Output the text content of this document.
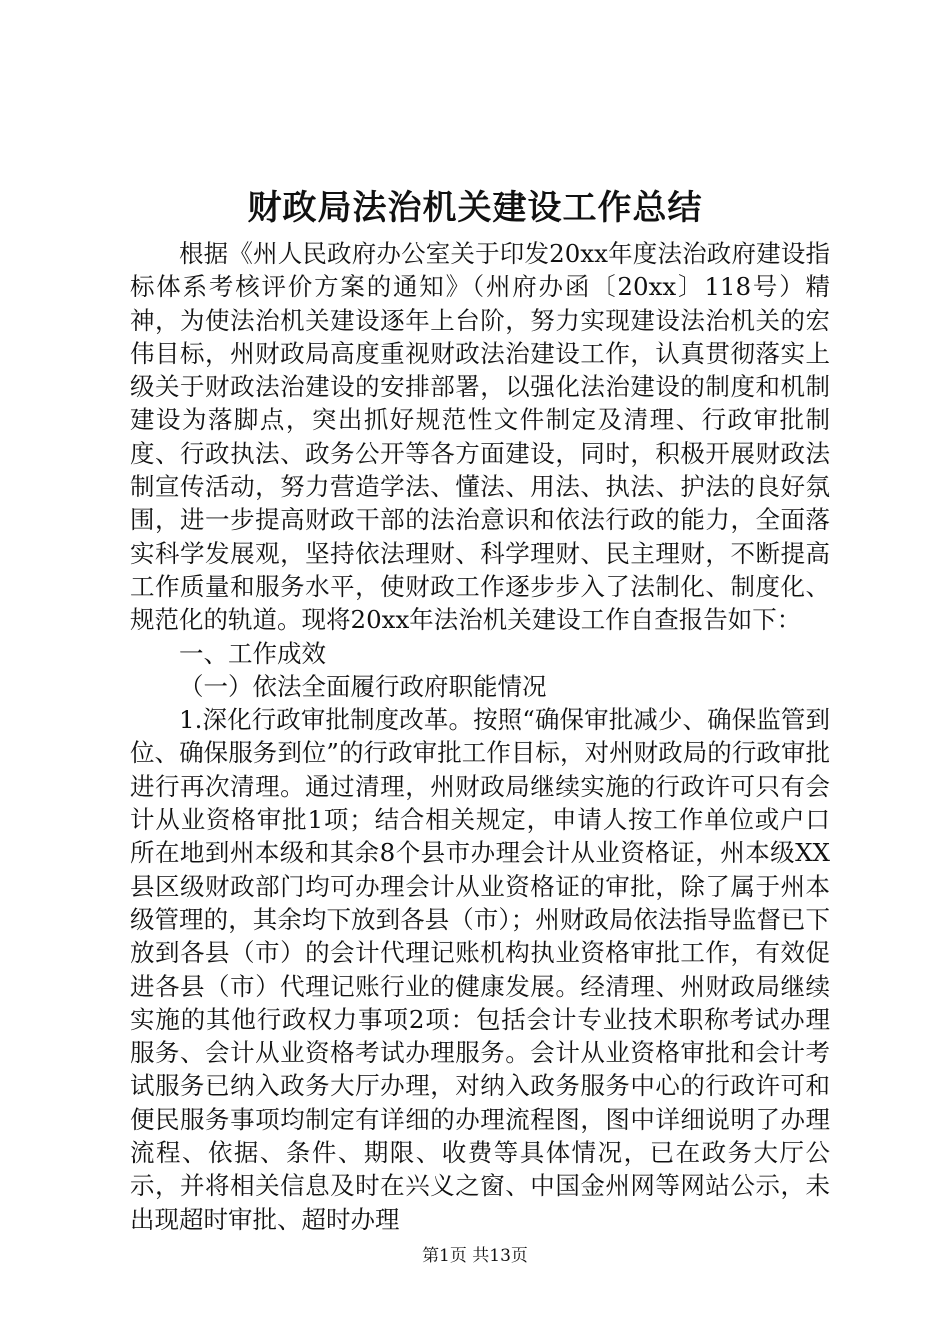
财政局法治机关建设工作总结

根据《州人民政府办公室关于印发20xx年度法治政府建设指标体系考核评价方案的通知》（州府办函〔20xx〕118号）精神，为使法治机关建设逐年上台阶，努力实现建设法治机关的宏伟目标，州财政局高度重视财政法治建设工作，认真贯彻落实上级关于财政法治建设的安排部署，以强化法治建设的制度和机制建设为落脚点，突出抓好规范性文件制定及清理、行政审批制度、行政执法、政务公开等各方面建设，同时，积极开展财政法制宣传活动，努力营造学法、懂法、用法、执法、护法的良好氛围，进一步提高财政干部的法治意识和依法行政的能力，全面落实科学发展观，坚持依法理财、科学理财、民主理财，不断提高工作质量和服务水平，使财政工作逐步步入了法制化、制度化、规范化的轨道。现将20xx年法治机关建设工作自查报告如下：

一、工作成效

（一）依法全面履行政府职能情况

1.深化行政审批制度改革。按照“确保审批减少、确保监管到位、确保服务到位”的行政审批工作目标，对州财政局的行政审批进行再次清理。通过清理，州财政局继续实施的行政许可只有会计从业资格审批1项；结合相关规定，申请人按工作单位或户口所在地到州本级和其余8个县市办理会计从业资格证，州本级XX县区级财政部门均可办理会计从业资格证的审批，除了属于州本级管理的，其余均下放到各县（市）；州财政局依法指导监督已下放到各县（市）的会计代理记账机构执业资格审批工作，有效促进各县（市）代理记账行业的健康发展。经清理、州财政局继续实施的其他行政权力事项2项：包括会计专业技术职称考试办理服务、会计从业资格考试办理服务。会计从业资格审批和会计考试服务已纳入政务大厅办理，对纳入政务服务中心的行政许可和便民服务事项均制定有详细的办理流程图，图中详细说明了办理流程、依据、条件、期限、收费等具体情况，已在政务大厅公示，并将相关信息及时在兴义之窗、中国金州网等网站公示，未出现超时审批、超时办理

第1页 共13页
